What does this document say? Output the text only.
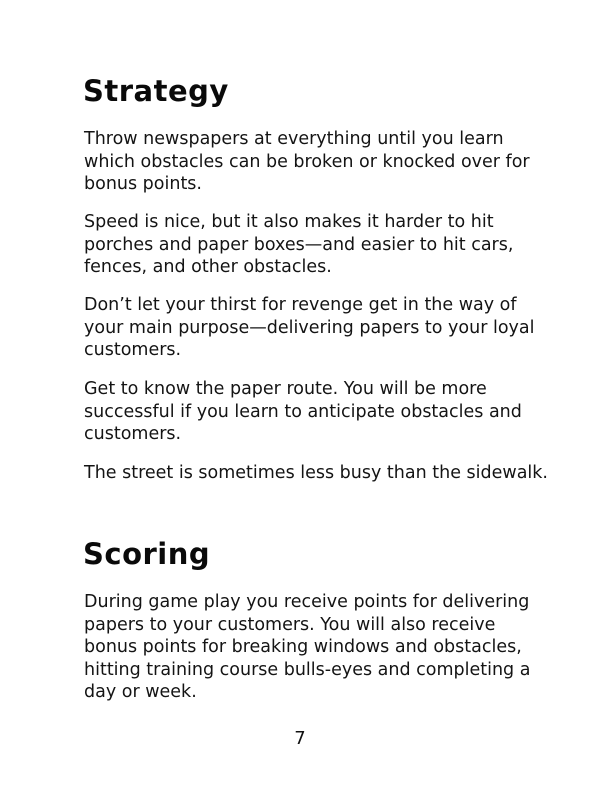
Strategy

Throw newspapers at everything until you learn which obstacles can be broken or knocked over for bonus points.

Speed is nice, but it also makes it harder to hit porches and paper boxes—and easier to hit cars, fences, and other obstacles.

Don’t let your thirst for revenge get in the way of your main purpose—delivering papers to your loyal customers.

Get to know the paper route. You will be more successful if you learn to anticipate obstacles and customers.

The street is sometimes less busy than the sidewalk.

Scoring

During game play you receive points for delivering papers to your customers. You will also receive bonus points for breaking windows and obstacles, hitting training course bulls-eyes and completing a day or week.

7
